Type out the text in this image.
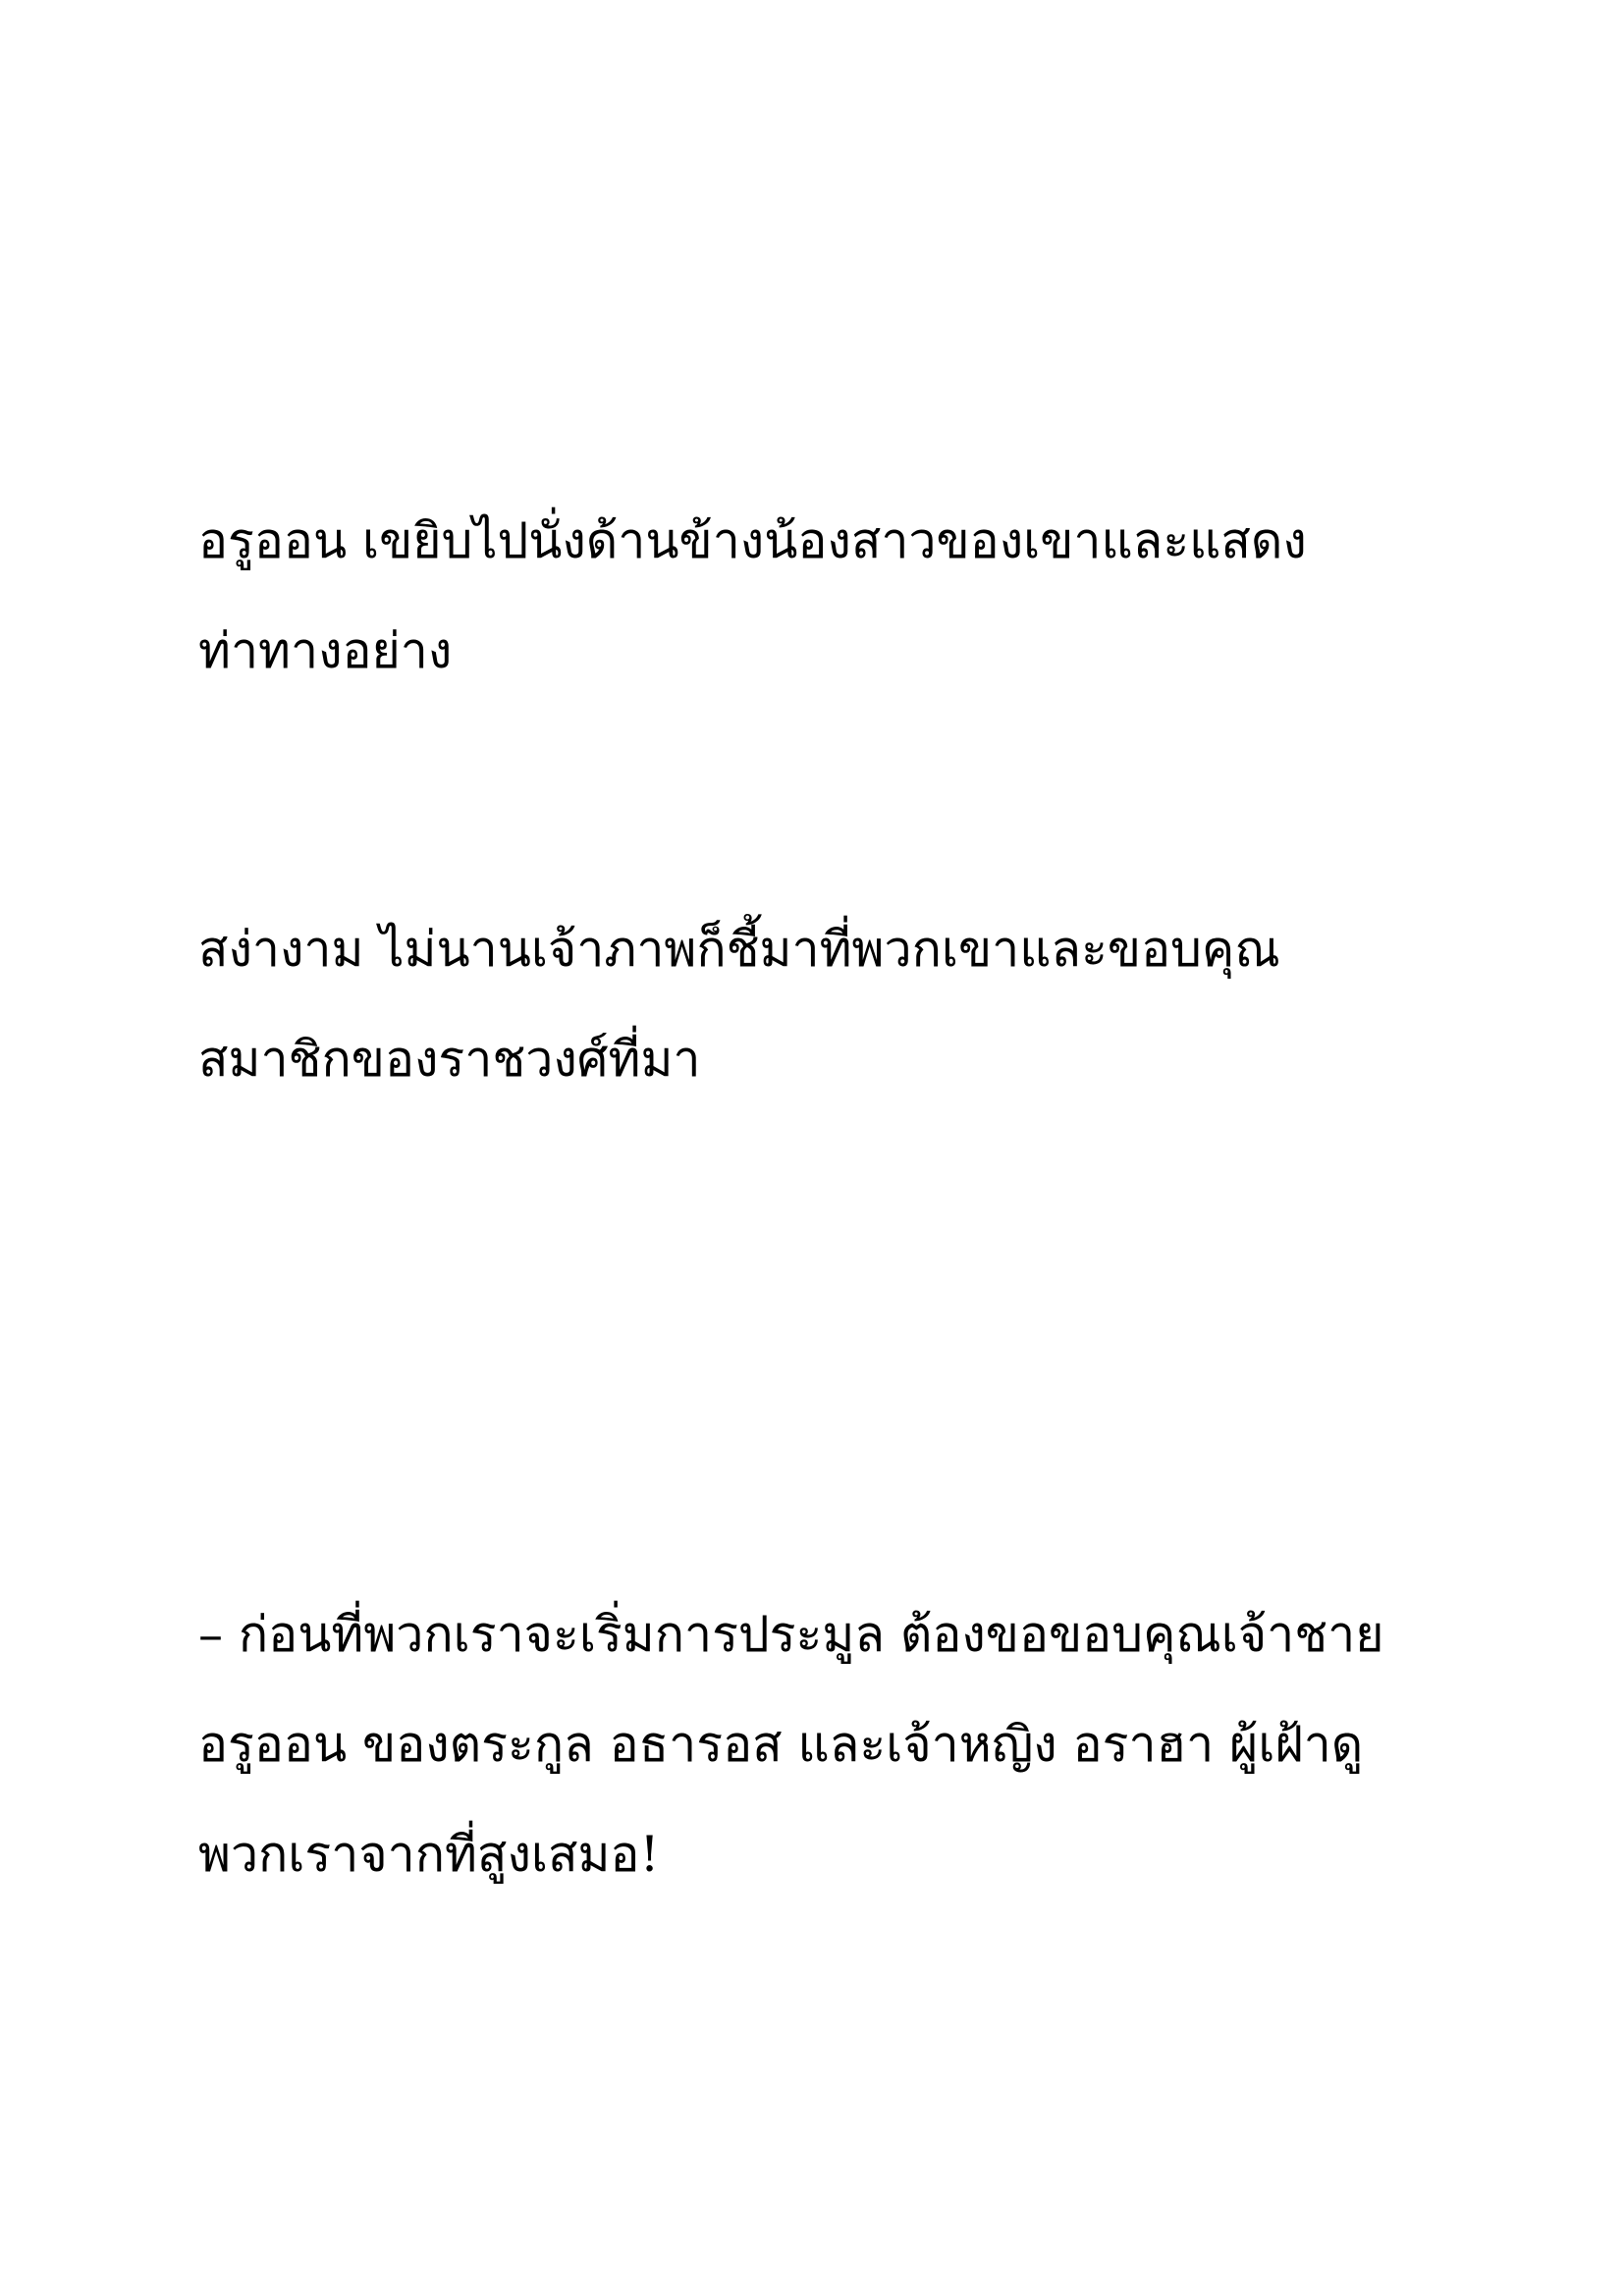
อรูออน เขยิบไปนั่งด้านข้างน้องสาวของเขาและแสดง
ท่าทางอย่าง
สง่างาม ไม่นานเจ้าภาพก็ชี้มาที่พวกเขาและขอบคุณ
สมาชิกของราชวงศ์ที่มา
– ก่อนที่พวกเราจะเริ่มการประมูล ต้องขอขอบคุณเจ้าชาย
อรูออน ของตระกูล อธารอส และเจ้าหญิง อราฮา ผู้เฝ้าดู
พวกเราจากที่สูงเสมอ!
